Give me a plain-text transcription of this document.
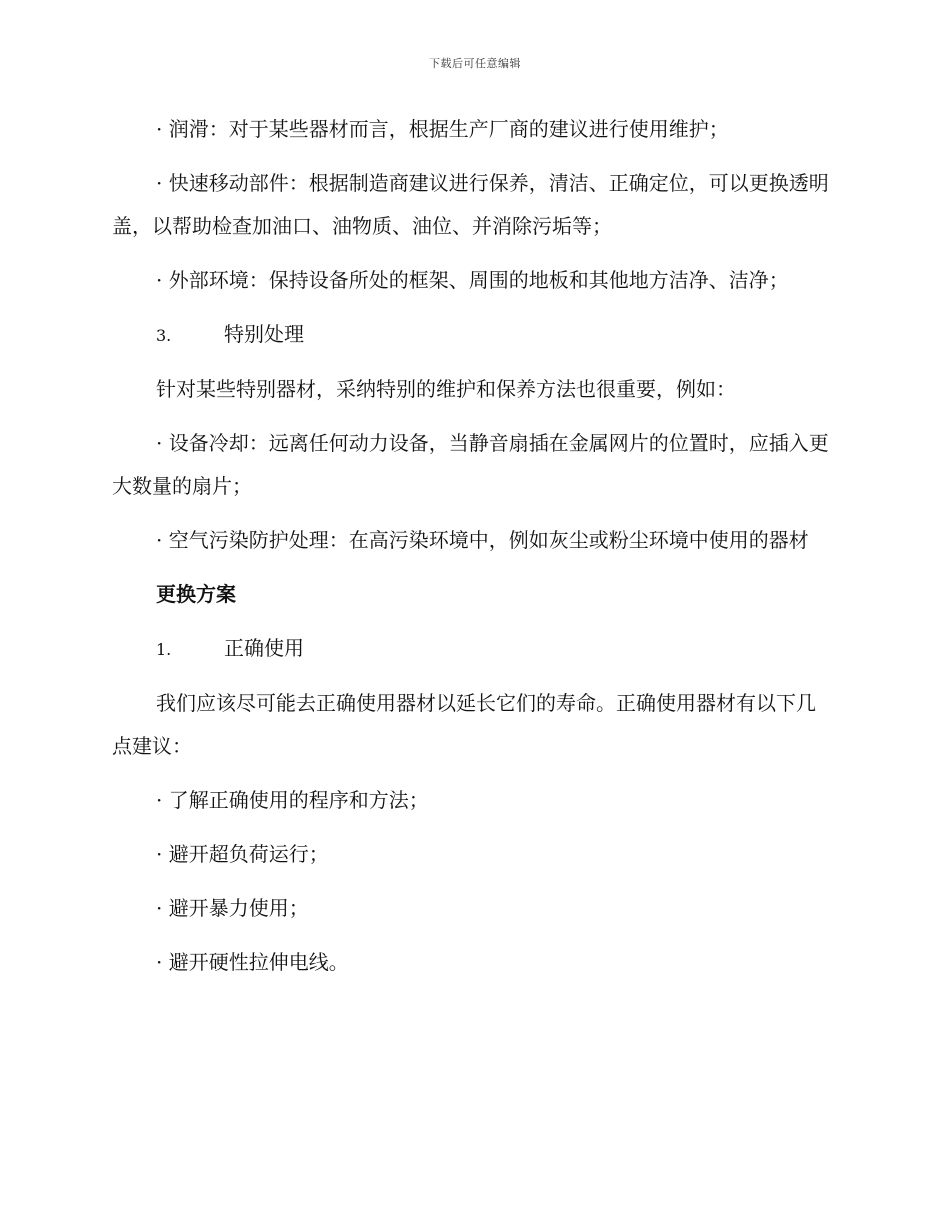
下载后可任意编辑

· 润滑：对于某些器材而言，根据生产厂商的建议进行使用维护；

· 快速移动部件：根据制造商建议进行保养，清洁、正确定位，可以更换透明盖，以帮助检查加油口、油物质、油位、并消除污垢等；

· 外部环境：保持设备所处的框架、周围的地板和其他地方洁净、洁净；

3.	特别处理

针对某些特别器材，采纳特别的维护和保养方法也很重要，例如：

· 设备冷却：远离任何动力设备，当静音扇插在金属网片的位置时，应插入更大数量的扇片；

· 空气污染防护处理：在高污染环境中，例如灰尘或粉尘环境中使用的器材

更换方案
1.	正确使用

我们应该尽可能去正确使用器材以延长它们的寿命。正确使用器材有以下几点建议：

· 了解正确使用的程序和方法；

· 避开超负荷运行；

· 避开暴力使用；

· 避开硬性拉伸电线。
